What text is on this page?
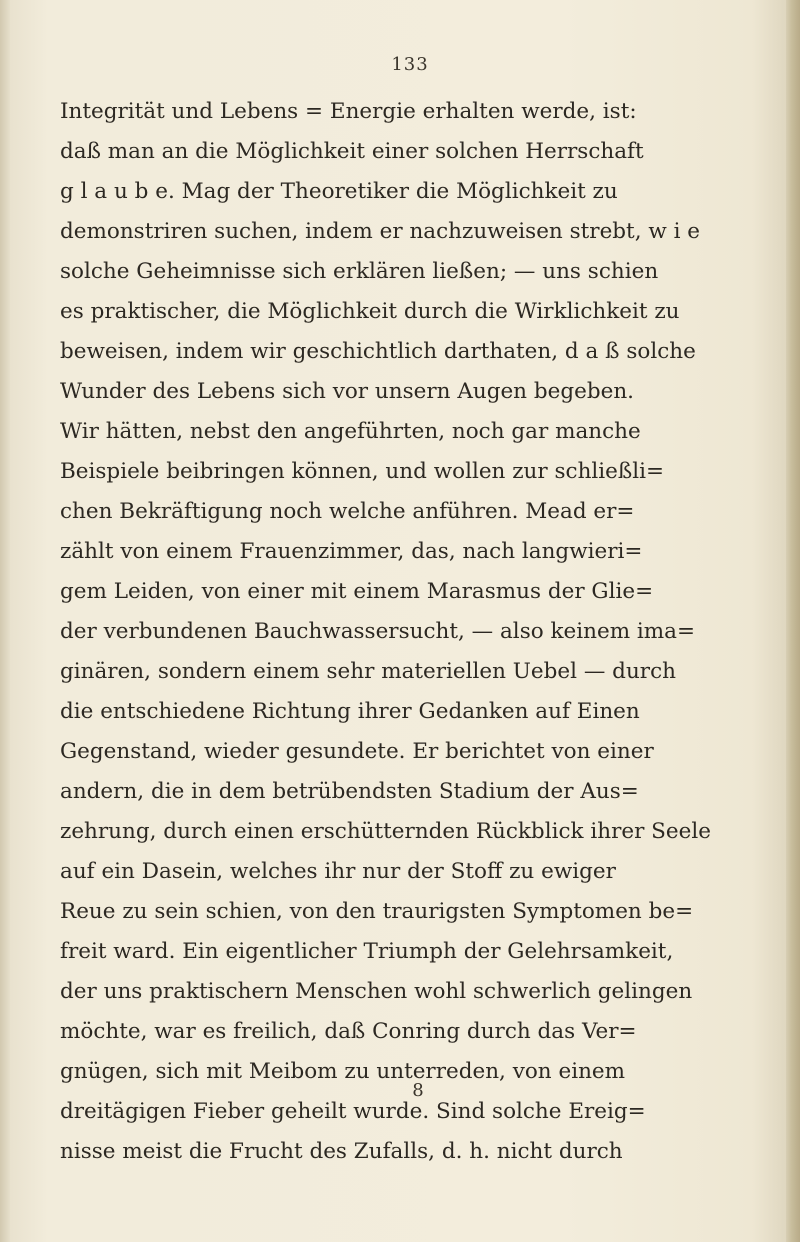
133
Integrität und Lebens = Energie erhalten werde, ist:
daß man an die Möglichkeit einer solchen Herrschaft
g l a u b e. Mag der Theoretiker die Möglichkeit zu
demonstriren suchen, indem er nachzuweisen strebt, w i e
solche Geheimnisse sich erklären ließen; — uns schien
es praktischer, die Möglichkeit durch die Wirklichkeit zu
beweisen, indem wir geschichtlich darthaten, d a ß solche
Wunder des Lebens sich vor unsern Augen begeben.
Wir hätten, nebst den angeführten, noch gar manche
Beispiele beibringen können, und wollen zur schließli=
chen Bekräftigung noch welche anführen. Mead er=
zählt von einem Frauenzimmer, das, nach langwieri=
gem Leiden, von einer mit einem Marasmus der Glie=
der verbundenen Bauchwassersucht, — also keinem ima=
ginären, sondern einem sehr materiellen Uebel — durch
die entschiedene Richtung ihrer Gedanken auf Einen
Gegenstand, wieder gesundete. Er berichtet von einer
andern, die in dem betrübendsten Stadium der Aus=
zehrung, durch einen erschütternden Rückblick ihrer Seele
auf ein Dasein, welches ihr nur der Stoff zu ewiger
Reue zu sein schien, von den traurigsten Symptomen be=
freit ward. Ein eigentlicher Triumph der Gelehrsamkeit,
der uns praktischern Menschen wohl schwerlich gelingen
möchte, war es freilich, daß Conring durch das Ver=
gnügen, sich mit Meibom zu unterreden, von einem
dreitägigen Fieber geheilt wurde. Sind solche Ereig=
nisse meist die Frucht des Zufalls, d. h. nicht durch
8
